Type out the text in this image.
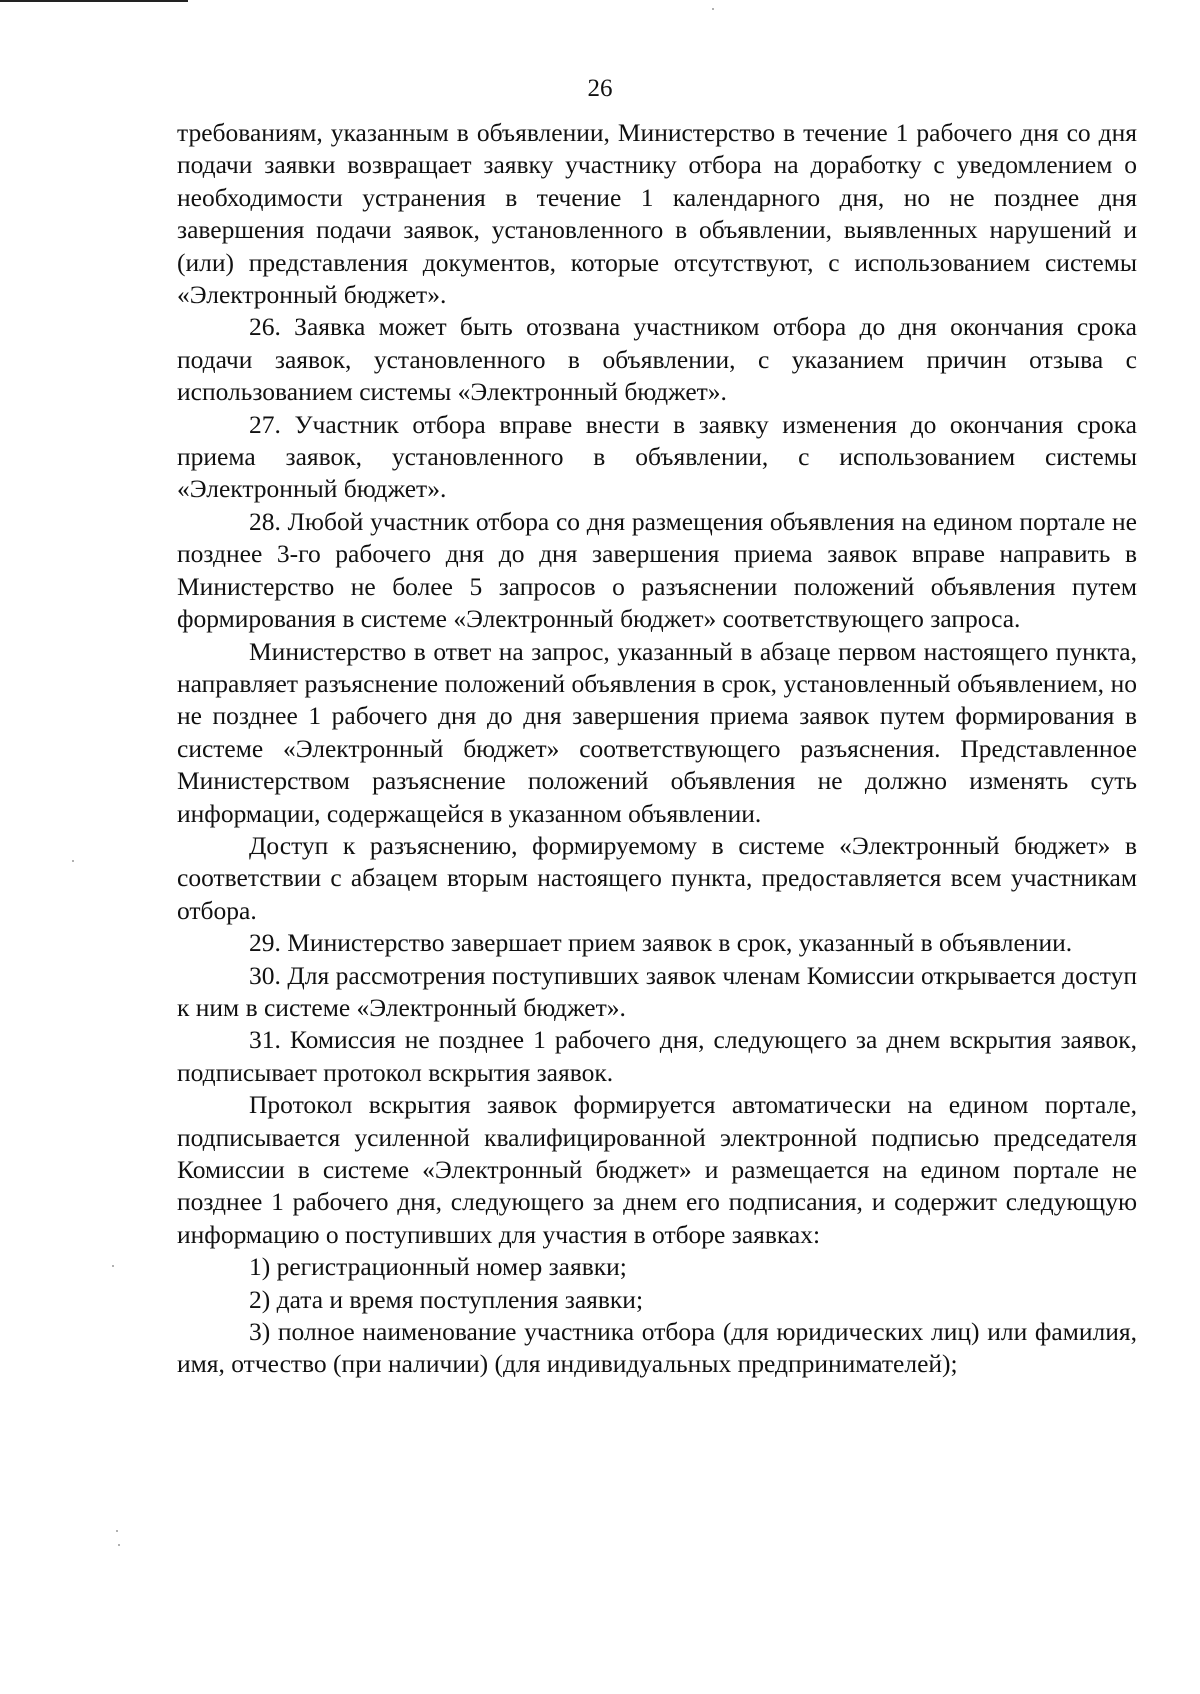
26

требованиям, указанным в объявлении, Министерство в течение 1 рабочего дня со дня подачи заявки возвращает заявку участнику отбора на доработку с уведомлением о необходимости устранения в течение 1 календарного дня, но не позднее дня завершения подачи заявок, установленного в объявлении, выявленных нарушений и (или) представления документов, которые отсутствуют, с использованием системы «Электронный бюджет».

26. Заявка может быть отозвана участником отбора до дня окончания срока подачи заявок, установленного в объявлении, с указанием причин отзыва с использованием системы «Электронный бюджет».

27. Участник отбора вправе внести в заявку изменения до окончания срока приема заявок, установленного в объявлении, с использованием системы «Электронный бюджет».

28. Любой участник отбора со дня размещения объявления на едином портале не позднее 3-го рабочего дня до дня завершения приема заявок вправе направить в Министерство не более 5 запросов о разъяснении положений объявления путем формирования в системе «Электронный бюджет» соответствующего запроса.

Министерство в ответ на запрос, указанный в абзаце первом настоящего пункта, направляет разъяснение положений объявления в срок, установленный объявлением, но не позднее 1 рабочего дня до дня завершения приема заявок путем формирования в системе «Электронный бюджет» соответствующего разъяснения. Представленное Министерством разъяснение положений объявления не должно изменять суть информации, содержащейся в указанном объявлении.

Доступ к разъяснению, формируемому в системе «Электронный бюджет» в соответствии с абзацем вторым настоящего пункта, предоставляется всем участникам отбора.

29. Министерство завершает прием заявок в срок, указанный в объявлении.

30. Для рассмотрения поступивших заявок членам Комиссии открывается доступ к ним в системе «Электронный бюджет».

31. Комиссия не позднее 1 рабочего дня, следующего за днем вскрытия заявок, подписывает протокол вскрытия заявок.

Протокол вскрытия заявок формируется автоматически на едином портале, подписывается усиленной квалифицированной электронной подписью председателя Комиссии в системе «Электронный бюджет» и размещается на едином портале не позднее 1 рабочего дня, следующего за днем его подписания, и содержит следующую информацию о поступивших для участия в отборе заявках:

1) регистрационный номер заявки;

2) дата и время поступления заявки;

3) полное наименование участника отбора (для юридических лиц) или фамилия, имя, отчество (при наличии) (для индивидуальных предпринимателей);
